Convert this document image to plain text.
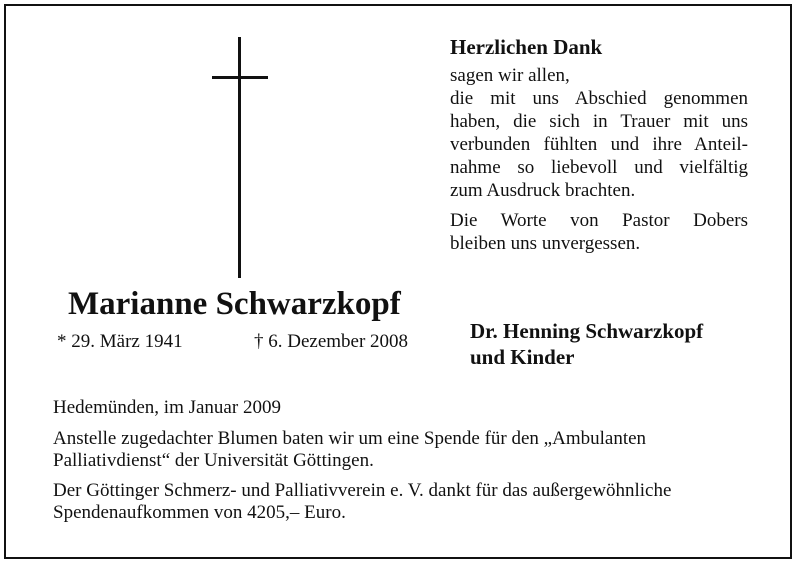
Herzlichen Dank
sagen wir allen,
die mit uns Abschied genommen
haben, die sich in Trauer mit uns
verbunden fühlten und ihre Anteil-
nahme so liebevoll und vielfältig
zum Ausdruck brachten.
Die Worte von Pastor Dobers
bleiben uns unvergessen.
Marianne Schwarzkopf
* 29. März 1941	† 6. Dezember 2008	Dr. Henning Schwarzkopf
und Kinder

Hedemünden, im Januar 2009

Anstelle zugedachter Blumen baten wir um eine Spende für den „Ambulanten
Palliativdienst“ der Universität Göttingen.

Der Göttinger Schmerz- und Palliativverein e. V. dankt für das außergewöhnliche
Spendenaufkommen von 4205,– Euro.
